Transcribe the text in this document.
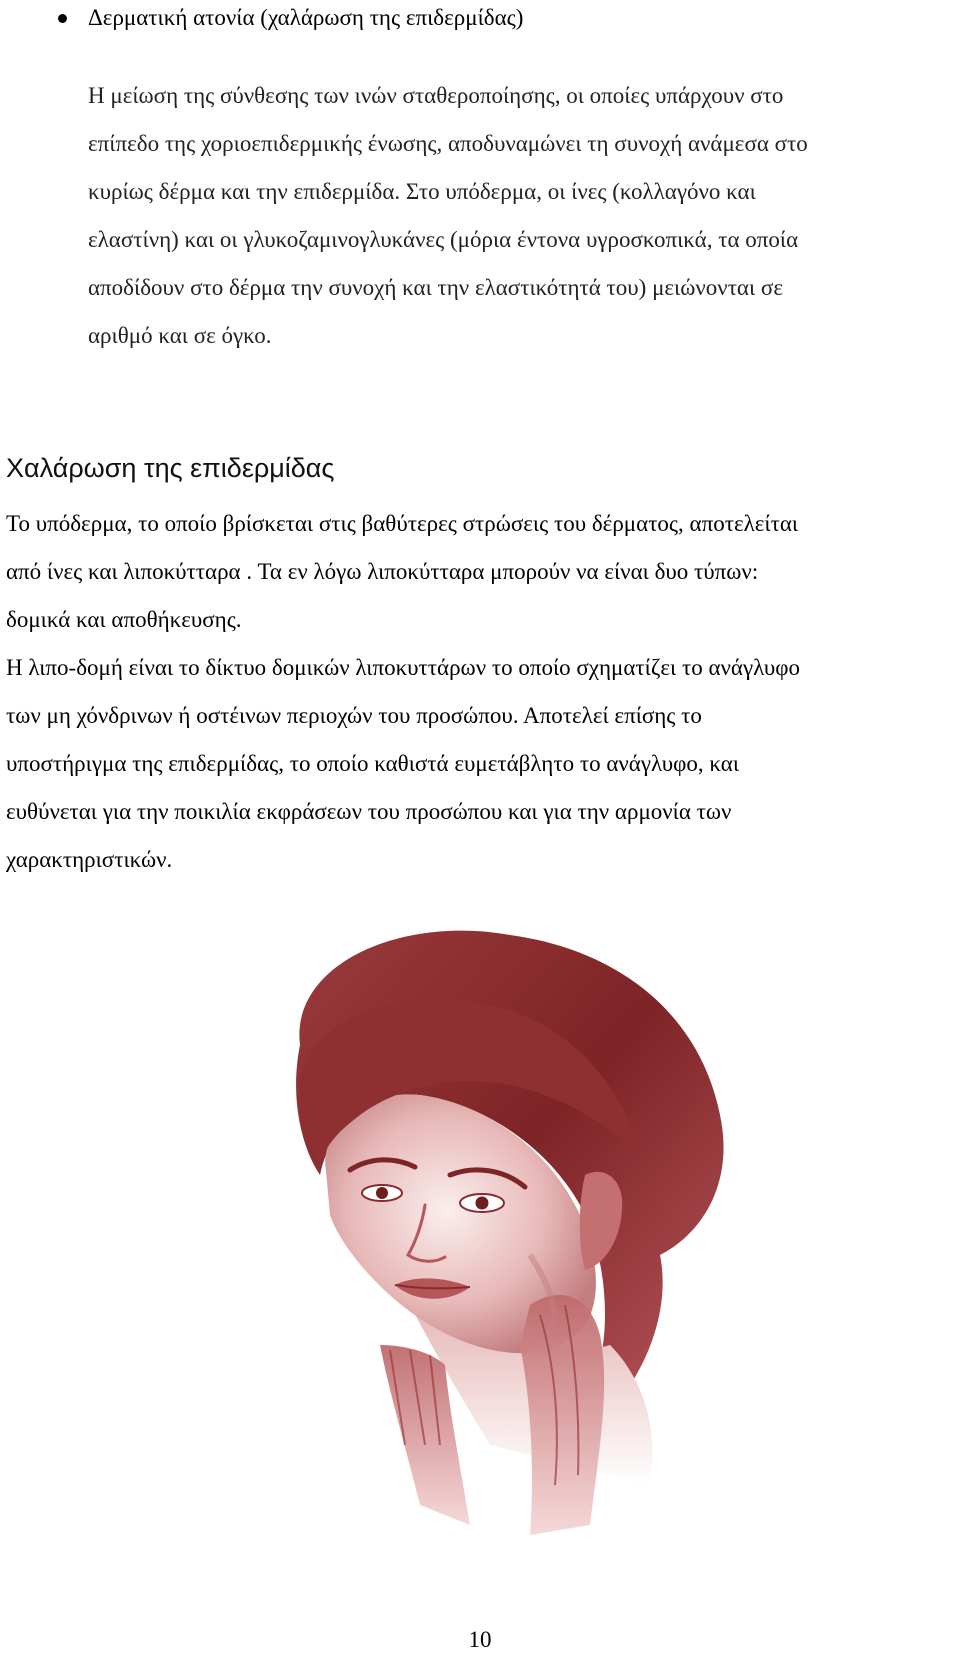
Δερματική ατονία (χαλάρωση της επιδερμίδας)
Η μείωση της σύνθεσης των ινών σταθεροποίησης, οι οποίες υπάρχουν στο
επίπεδο της χοριοεπιδερμικής ένωσης, αποδυναμώνει τη συνοχή ανάμεσα στο
κυρίως δέρμα και την επιδερμίδα. Στο υπόδερμα, οι ίνες (κολλαγόνο και
ελαστίνη) και οι γλυκοζαμινογλυκάνες (μόρια έντονα υγροσκοπικά, τα οποία
αποδίδουν στο δέρμα την συνοχή και την ελαστικότητά του) μειώνονται σε
αριθμό και σε όγκο.
Χαλάρωση της επιδερμίδας
Το υπόδερμα, το οποίο βρίσκεται στις βαθύτερες στρώσεις του δέρματος, αποτελείται
από ίνες και λιποκύτταρα . Τα εν λόγω λιποκύτταρα μπορούν να είναι δυο τύπων:
δομικά και αποθήκευσης.
Η λιπο-δομή είναι το δίκτυο δομικών λιποκυττάρων το οποίο σχηματίζει το ανάγλυφο
των μη χόνδρινων ή οστέινων περιοχών του προσώπου. Αποτελεί επίσης το
υποστήριγμα της επιδερμίδας, το οποίο καθιστά ευμετάβλητο το ανάγλυφο, και
ευθύνεται για την ποικιλία εκφράσεων του προσώπου και για την αρμονία των
χαρακτηριστικών.
10
